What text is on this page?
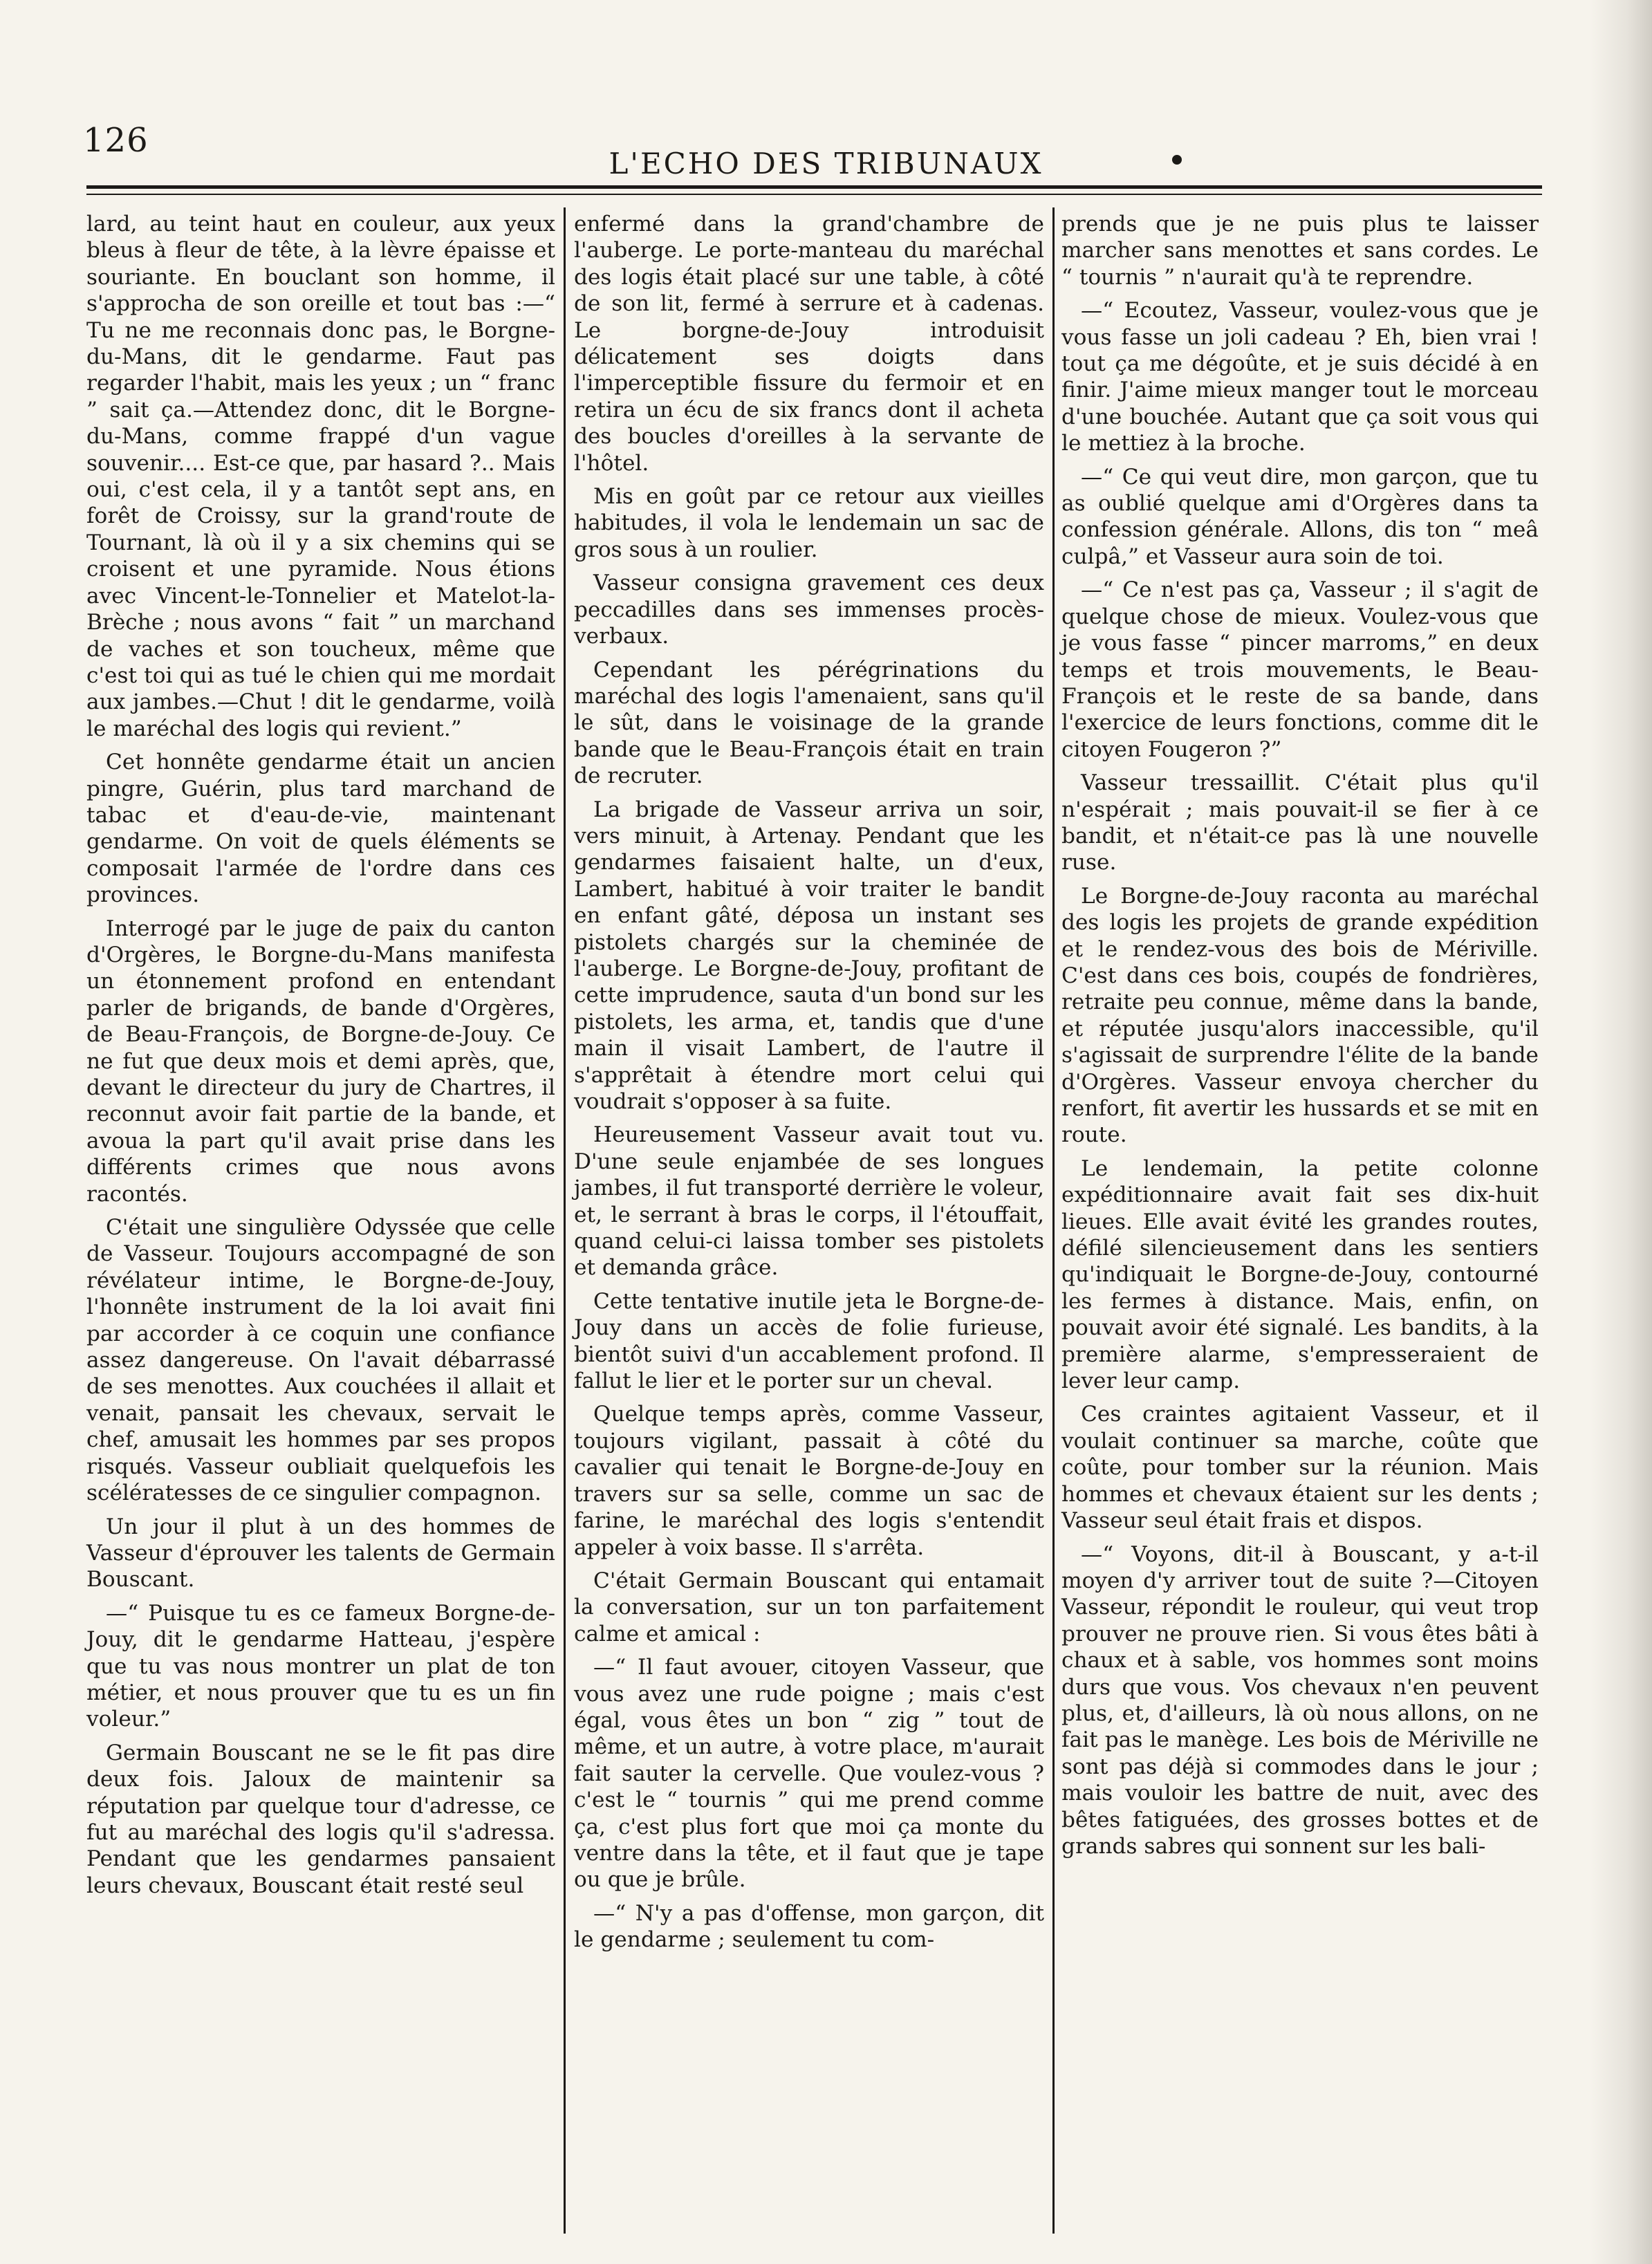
126
L'ECHO DES TRIBUNAUX

lard, au teint haut en couleur, aux yeux bleus à fleur de tête, à la lèvre épaisse et souriante. En bouclant son homme, il s'approcha de son oreille et tout bas :—“ Tu ne me reconnais donc pas, le Borgne-du-Mans, dit le gendarme. Faut pas regarder l'habit, mais les yeux ; un “ franc ” sait ça.—Attendez donc, dit le Borgne-du-Mans, comme frappé d'un vague souvenir.... Est-ce que, par hasard ?.. Mais oui, c'est cela, il y a tantôt sept ans, en forêt de Croissy, sur la grand'route de Tournant, là où il y a six chemins qui se croisent et une pyramide. Nous étions avec Vincent-le-Tonnelier et Matelot-la-Brèche ; nous avons “ fait ” un marchand de vaches et son toucheux, même que c'est toi qui as tué le chien qui me mordait aux jambes.—Chut ! dit le gendarme, voilà le maréchal des logis qui revient.”

Cet honnête gendarme était un ancien pingre, Guérin, plus tard marchand de tabac et d'eau-de-vie, maintenant gendarme. On voit de quels éléments se composait l'armée de l'ordre dans ces provinces.

Interrogé par le juge de paix du canton d'Orgères, le Borgne-du-Mans manifesta un étonnement profond en entendant parler de brigands, de bande d'Orgères, de Beau-François, de Borgne-de-Jouy. Ce ne fut que deux mois et demi après, que, devant le directeur du jury de Chartres, il reconnut avoir fait partie de la bande, et avoua la part qu'il avait prise dans les différents crimes que nous avons racontés.

C'était une singulière Odyssée que celle de Vasseur. Toujours accompagné de son révélateur intime, le Borgne-de-Jouy, l'honnête instrument de la loi avait fini par accorder à ce coquin une confiance assez dangereuse. On l'avait débarrassé de ses menottes. Aux couchées il allait et venait, pansait les chevaux, servait le chef, amusait les hommes par ses propos risqués. Vasseur oubliait quelquefois les scélératesses de ce singulier compagnon.

Un jour il plut à un des hommes de Vasseur d'éprouver les talents de Germain Bouscant.

—“ Puisque tu es ce fameux Borgne-de-Jouy, dit le gendarme Hatteau, j'espère que tu vas nous montrer un plat de ton métier, et nous prouver que tu es un fin voleur.”

Germain Bouscant ne se le fit pas dire deux fois. Jaloux de maintenir sa réputation par quelque tour d'adresse, ce fut au maréchal des logis qu'il s'adressa. Pendant que les gendarmes pansaient leurs chevaux, Bouscant était resté seul

enfermé dans la grand'chambre de l'auberge. Le porte-manteau du maréchal des logis était placé sur une table, à côté de son lit, fermé à serrure et à cadenas. Le borgne-de-Jouy introduisit délicatement ses doigts dans l'imperceptible fissure du fermoir et en retira un écu de six francs dont il acheta des boucles d'oreilles à la servante de l'hôtel.

Mis en goût par ce retour aux vieilles habitudes, il vola le lendemain un sac de gros sous à un roulier.

Vasseur consigna gravement ces deux peccadilles dans ses immenses procès-verbaux.

Cependant les pérégrinations du maréchal des logis l'amenaient, sans qu'il le sût, dans le voisinage de la grande bande que le Beau-François était en train de recruter.

La brigade de Vasseur arriva un soir, vers minuit, à Artenay. Pendant que les gendarmes faisaient halte, un d'eux, Lambert, habitué à voir traiter le bandit en enfant gâté, déposa un instant ses pistolets chargés sur la cheminée de l'auberge. Le Borgne-de-Jouy, profitant de cette imprudence, sauta d'un bond sur les pistolets, les arma, et, tandis que d'une main il visait Lambert, de l'autre il s'apprêtait à étendre mort celui qui voudrait s'opposer à sa fuite.

Heureusement Vasseur avait tout vu. D'une seule enjambée de ses longues jambes, il fut transporté derrière le voleur, et, le serrant à bras le corps, il l'étouffait, quand celui-ci laissa tomber ses pistolets et demanda grâce.

Cette tentative inutile jeta le Borgne-de-Jouy dans un accès de folie furieuse, bientôt suivi d'un accablement profond. Il fallut le lier et le porter sur un cheval.

Quelque temps après, comme Vasseur, toujours vigilant, passait à côté du cavalier qui tenait le Borgne-de-Jouy en travers sur sa selle, comme un sac de farine, le maréchal des logis s'entendit appeler à voix basse. Il s'arrêta.

C'était Germain Bouscant qui entamait la conversation, sur un ton parfaitement calme et amical :

—“ Il faut avouer, citoyen Vasseur, que vous avez une rude poigne ; mais c'est égal, vous êtes un bon “ zig ” tout de même, et un autre, à votre place, m'aurait fait sauter la cervelle. Que voulez-vous ? c'est le “ tournis ” qui me prend comme ça, c'est plus fort que moi ça monte du ventre dans la tête, et il faut que je tape ou que je brûle.

—“ N'y a pas d'offense, mon garçon, dit le gendarme ; seulement tu com-

prends que je ne puis plus te laisser marcher sans menottes et sans cordes. Le “ tournis ” n'aurait qu'à te reprendre.

—“ Ecoutez, Vasseur, voulez-vous que je vous fasse un joli cadeau ? Eh, bien vrai ! tout ça me dégoûte, et je suis décidé à en finir. J'aime mieux manger tout le morceau d'une bouchée. Autant que ça soit vous qui le mettiez à la broche.

—“ Ce qui veut dire, mon garçon, que tu as oublié quelque ami d'Orgères dans ta confession générale. Allons, dis ton “ meâ culpâ,” et Vasseur aura soin de toi.

—“ Ce n'est pas ça, Vasseur ; il s'agit de quelque chose de mieux. Voulez-vous que je vous fasse “ pincer marroms,” en deux temps et trois mouvements, le Beau-François et le reste de sa bande, dans l'exercice de leurs fonctions, comme dit le citoyen Fougeron ?”

Vasseur tressaillit. C'était plus qu'il n'espérait ; mais pouvait-il se fier à ce bandit, et n'était-ce pas là une nouvelle ruse.

Le Borgne-de-Jouy raconta au maréchal des logis les projets de grande expédition et le rendez-vous des bois de Mériville. C'est dans ces bois, coupés de fondrières, retraite peu connue, même dans la bande, et réputée jusqu'alors inaccessible, qu'il s'agissait de surprendre l'élite de la bande d'Orgères. Vasseur envoya chercher du renfort, fit avertir les hussards et se mit en route.

Le lendemain, la petite colonne expéditionnaire avait fait ses dix-huit lieues. Elle avait évité les grandes routes, défilé silencieusement dans les sentiers qu'indiquait le Borgne-de-Jouy, contourné les fermes à distance. Mais, enfin, on pouvait avoir été signalé. Les bandits, à la première alarme, s'empresseraient de lever leur camp.

Ces craintes agitaient Vasseur, et il voulait continuer sa marche, coûte que coûte, pour tomber sur la réunion. Mais hommes et chevaux étaient sur les dents ; Vasseur seul était frais et dispos.

—“ Voyons, dit-il à Bouscant, y a-t-il moyen d'y arriver tout de suite ?—Citoyen Vasseur, répondit le rouleur, qui veut trop prouver ne prouve rien. Si vous êtes bâti à chaux et à sable, vos hommes sont moins durs que vous. Vos chevaux n'en peuvent plus, et, d'ailleurs, là où nous allons, on ne fait pas le manège. Les bois de Mériville ne sont pas déjà si commodes dans le jour ; mais vouloir les battre de nuit, avec des bêtes fatiguées, des grosses bottes et de grands sabres qui sonnent sur les bali-
